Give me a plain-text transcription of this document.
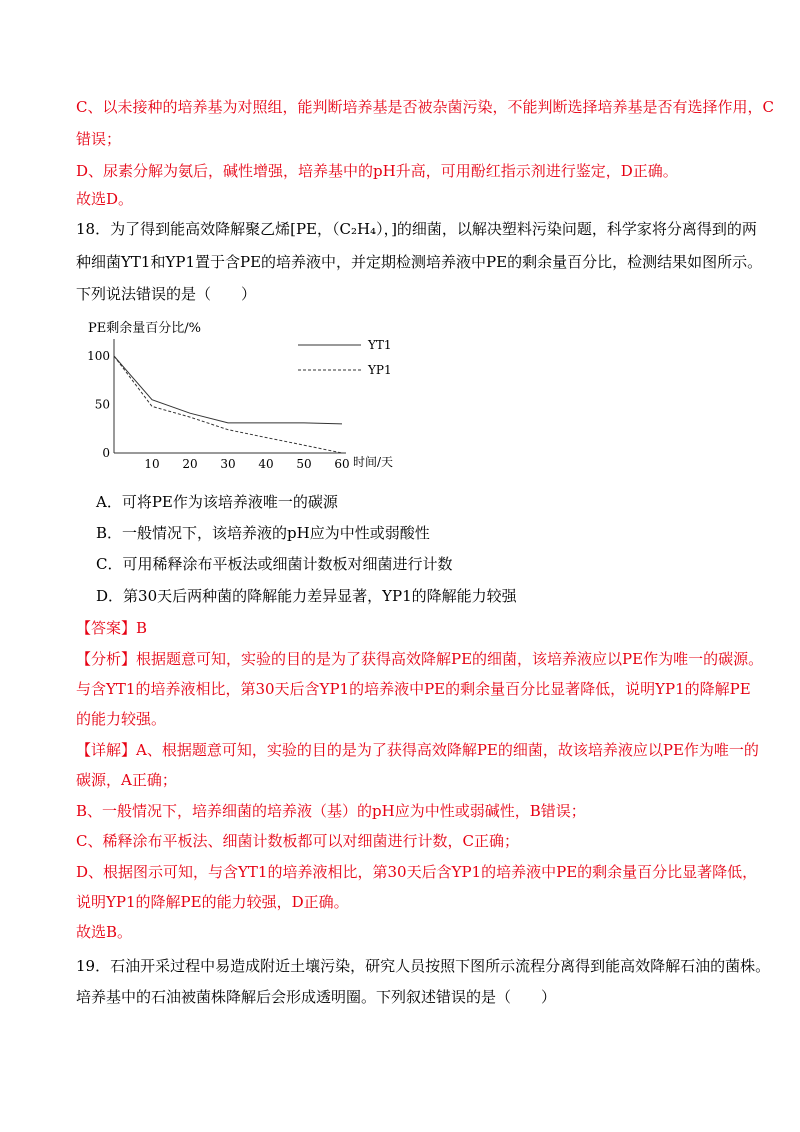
C、以未接种的培养基为对照组，能判断培养基是否被杂菌污染，不能判断选择培养基是否有选择作用，C
错误；
D、尿素分解为氨后，碱性增强，培养基中的pH升高，可用酚红指示剂进行鉴定，D正确。
故选D。
18．为了得到能高效降解聚乙烯[PE，（C₂H₄），]的细菌，以解决塑料污染问题，科学家将分离得到的两
种细菌YT1和YP1置于含PE的培养液中，并定期检测培养液中PE的剩余量百分比，检测结果如图所示。
下列说法错误的是（　　）
PE剩余量百分比/%
100
50
0
10 20 30 40 50 60 时间/天
YT1
YP1
A．可将PE作为该培养液唯一的碳源
B．一般情况下，该培养液的pH应为中性或弱酸性
C．可用稀释涂布平板法或细菌计数板对细菌进行计数
D．第30天后两种菌的降解能力差异显著，YP1的降解能力较强
【答案】B
【分析】根据题意可知，实验的目的是为了获得高效降解PE的细菌，该培养液应以PE作为唯一的碳源。
与含YT1的培养液相比，第30天后含YP1的培养液中PE的剩余量百分比显著降低，说明YP1的降解PE
的能力较强。
【详解】A、根据题意可知，实验的目的是为了获得高效降解PE的细菌，故该培养液应以PE作为唯一的
碳源，A正确；
B、一般情况下，培养细菌的培养液（基）的pH应为中性或弱碱性，B错误；
C、稀释涂布平板法、细菌计数板都可以对细菌进行计数，C正确；
D、根据图示可知，与含YT1的培养液相比，第30天后含YP1的培养液中PE的剩余量百分比显著降低，
说明YP1的降解PE的能力较强，D正确。
故选B。
19．石油开采过程中易造成附近土壤污染，研究人员按照下图所示流程分离得到能高效降解石油的菌株。
培养基中的石油被菌株降解后会形成透明圈。下列叙述错误的是（　　）
